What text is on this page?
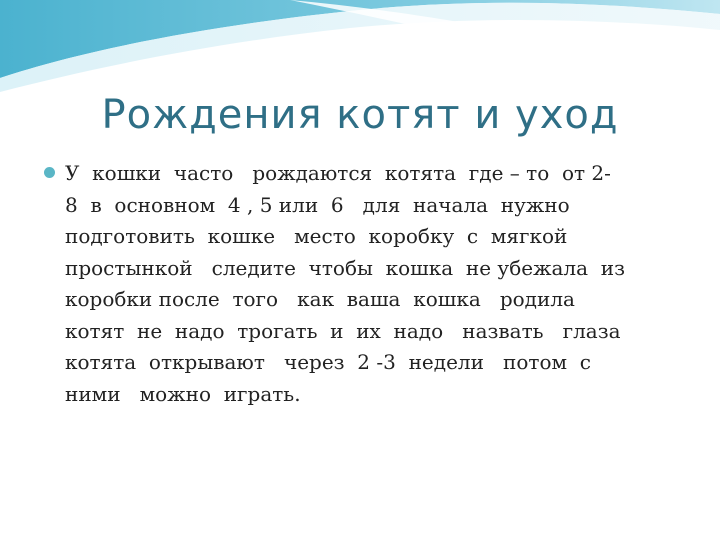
Рождения котят и уход

У  кошки  часто   рождаются  котята  где – то  от 2-
8  в  основном  4 , 5 или  6   для  начала  нужно
подготовить  кошке   место  коробку  с  мягкой
простынкой   следите  чтобы  кошка  не убежала  из
коробки после  того   как  ваша  кошка   родила
котят  не  надо  трогать  и  их  надо   назвать   глаза
котята  открывают   через  2 -3  недели   потом  с
ними   можно  играть.
